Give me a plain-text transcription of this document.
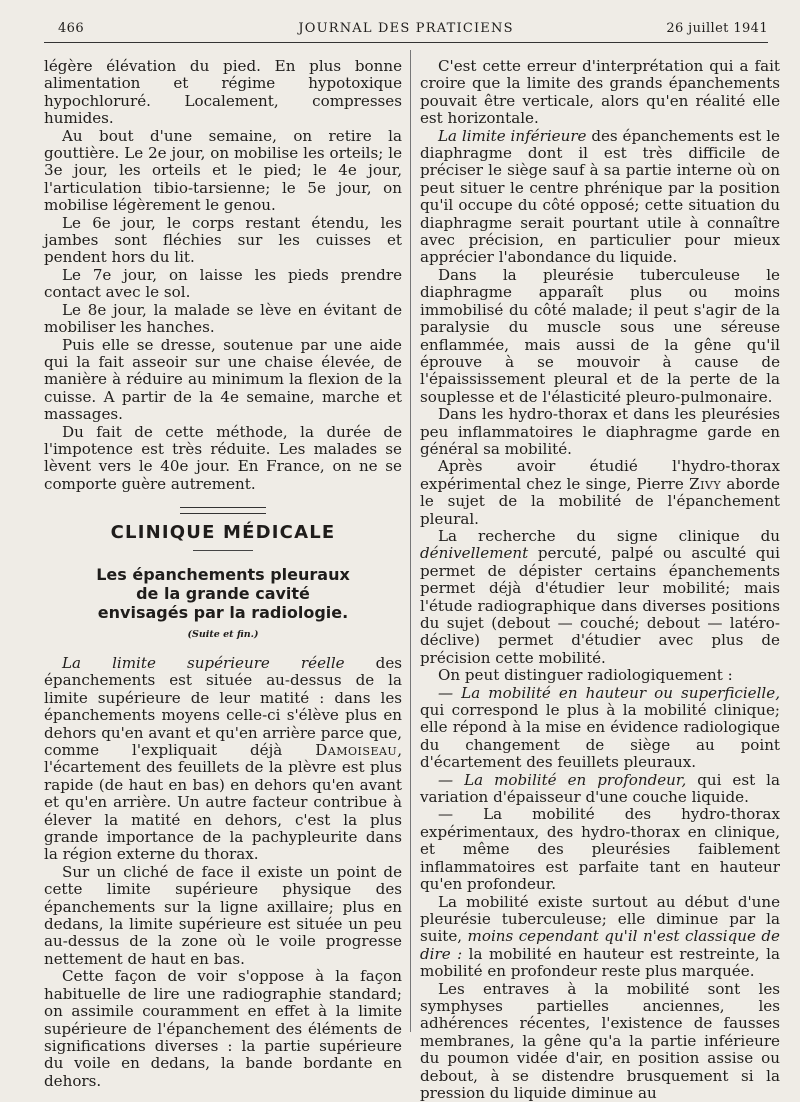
466	JOURNAL DES PRATICIENS	26 juillet 1941

légère élévation du pied. En plus bonne alimentation et régime hypotoxique hypochloruré. Localement, compresses humides.

Au bout d'une semaine, on retire la gouttière. Le 2e jour, on mobilise les orteils; le 3e jour, les orteils et le pied; le 4e jour, l'articulation tibio-tarsienne; le 5e jour, on mobilise légèrement le genou.

Le 6e jour, le corps restant étendu, les jambes sont fléchies sur les cuisses et pendent hors du lit.

Le 7e jour, on laisse les pieds prendre contact avec le sol.

Le 8e jour, la malade se lève en évitant de mobiliser les hanches.

Puis elle se dresse, soutenue par une aide qui la fait asseoir sur une chaise élevée, de manière à réduire au minimum la flexion de la cuisse. A partir de la 4e semaine, marche et massages.

Du fait de cette méthode, la durée de l'impotence est très réduite. Les malades se lèvent vers le 40e jour. En France, on ne se comporte guère autrement.

CLINIQUE MÉDICALE
Les épanchements pleuraux
de la grande cavité
envisagés par la radiologie.
(Suite et fin.)

La limite supérieure réelle des épanchements est située au-dessus de la limite supérieure de leur matité : dans les épanchements moyens celle-ci s'élève plus en dehors qu'en avant et qu'en arrière parce que, comme l'expliquait déjà Damoiseau, l'écartement des feuillets de la plèvre est plus rapide (de haut en bas) en dehors qu'en avant et qu'en arrière. Un autre facteur contribue à élever la matité en dehors, c'est la plus grande importance de la pachypleurite dans la région externe du thorax.

Sur un cliché de face il existe un point de cette limite supérieure physique des épanchements sur la ligne axillaire; plus en dedans, la limite supérieure est située un peu au-dessus de la zone où le voile progresse nettement de haut en bas.

Cette façon de voir s'oppose à la façon habituelle de lire une radiographie standard; on assimile couramment en effet à la limite supérieure de l'épanchement des éléments de significations diverses : la partie supérieure du voile en dedans, la bande bordante en dehors.

C'est cette erreur d'interprétation qui a fait croire que la limite des grands épanchements pouvait être verticale, alors qu'en réalité elle est horizontale.

La limite inférieure des épanchements est le diaphragme dont il est très difficile de préciser le siège sauf à sa partie interne où on peut situer le centre phrénique par la position qu'il occupe du côté opposé; cette situation du diaphragme serait pourtant utile à connaître avec précision, en particulier pour mieux apprécier l'abondance du liquide.

Dans la pleurésie tuberculeuse le diaphragme apparaît plus ou moins immobilisé du côté malade; il peut s'agir de la paralysie du muscle sous une séreuse enflammée, mais aussi de la gêne qu'il éprouve à se mouvoir à cause de l'épaississement pleural et de la perte de la souplesse et de l'élasticité pleuro-pulmonaire.

Dans les hydro-thorax et dans les pleurésies peu inflammatoires le diaphragme garde en général sa mobilité.

Après avoir étudié l'hydro-thorax expérimental chez le singe, Pierre Zivy aborde le sujet de la mobilité de l'épanchement pleural.

La recherche du signe clinique du dénivellement percuté, palpé ou asculté qui permet de dépister certains épanchements permet déjà d'étudier leur mobilité; mais l'étude radiographique dans diverses positions du sujet (debout — couché; debout — latéro-déclive) permet d'étudier avec plus de précision cette mobilité.

On peut distinguer radiologiquement :

— La mobilité en hauteur ou superficielle, qui correspond le plus à la mobilité clinique; elle répond à la mise en évidence radiologique du changement de siège au point d'écartement des feuillets pleuraux.

— La mobilité en profondeur, qui est la variation d'épaisseur d'une couche liquide.

— La mobilité des hydro-thorax expérimentaux, des hydro-thorax en clinique, et même des pleurésies faiblement inflammatoires est parfaite tant en hauteur qu'en profondeur.

La mobilité existe surtout au début d'une pleurésie tuberculeuse; elle diminue par la suite, moins cependant qu'il n'est classique de dire : la mobilité en hauteur est restreinte, la mobilité en profondeur reste plus marquée.

Les entraves à la mobilité sont les symphyses partielles anciennes, les adhérences récentes, l'existence de fausses membranes, la gêne qu'a la partie inférieure du poumon vidée d'air, en position assise ou debout, à se distendre brusquement si la pression du liquide diminue au
